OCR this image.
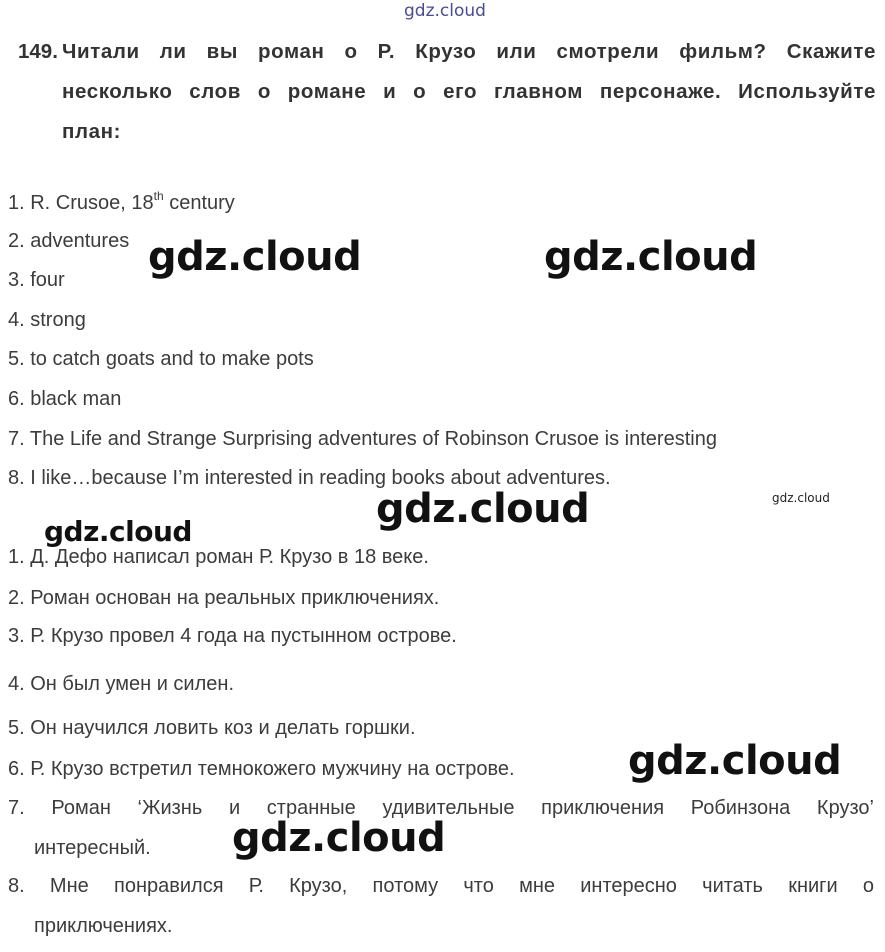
gdz.cloud
149. Читали ли вы роман о Р. Крузо или смотрели фильм? Скажите несколько слов о романе и о его главном персонаже. Используйте план:
1. R. Crusoe, 18th century
2. adventures
3. four
4. strong
5. to catch goats and to make pots
6. black man
7. The Life and Strange Surprising adventures of Robinson Crusoe is interesting
8. I like…because I’m interested in reading books about adventures.
1. Д. Дефо написал роман Р. Крузо в 18 веке.
2. Роман основан на реальных приключениях.
3. Р. Крузо провел 4 года на пустынном острове.
4. Он был умен и силен.
5. Он научился ловить коз и делать горшки.
6. Р. Крузо встретил темнокожего мужчину на острове.
7. Роман ‘Жизнь и странные удивительные приключения Робинзона Крузо’
интересный.
8. Мне понравился Р. Крузо, потому что мне интересно читать книги о
приключениях.
gdz.cloud	gdz.cloud
gdz.cloud
gdz.cloud
gdz.cloud
gdz.cloud
gdz.cloud
